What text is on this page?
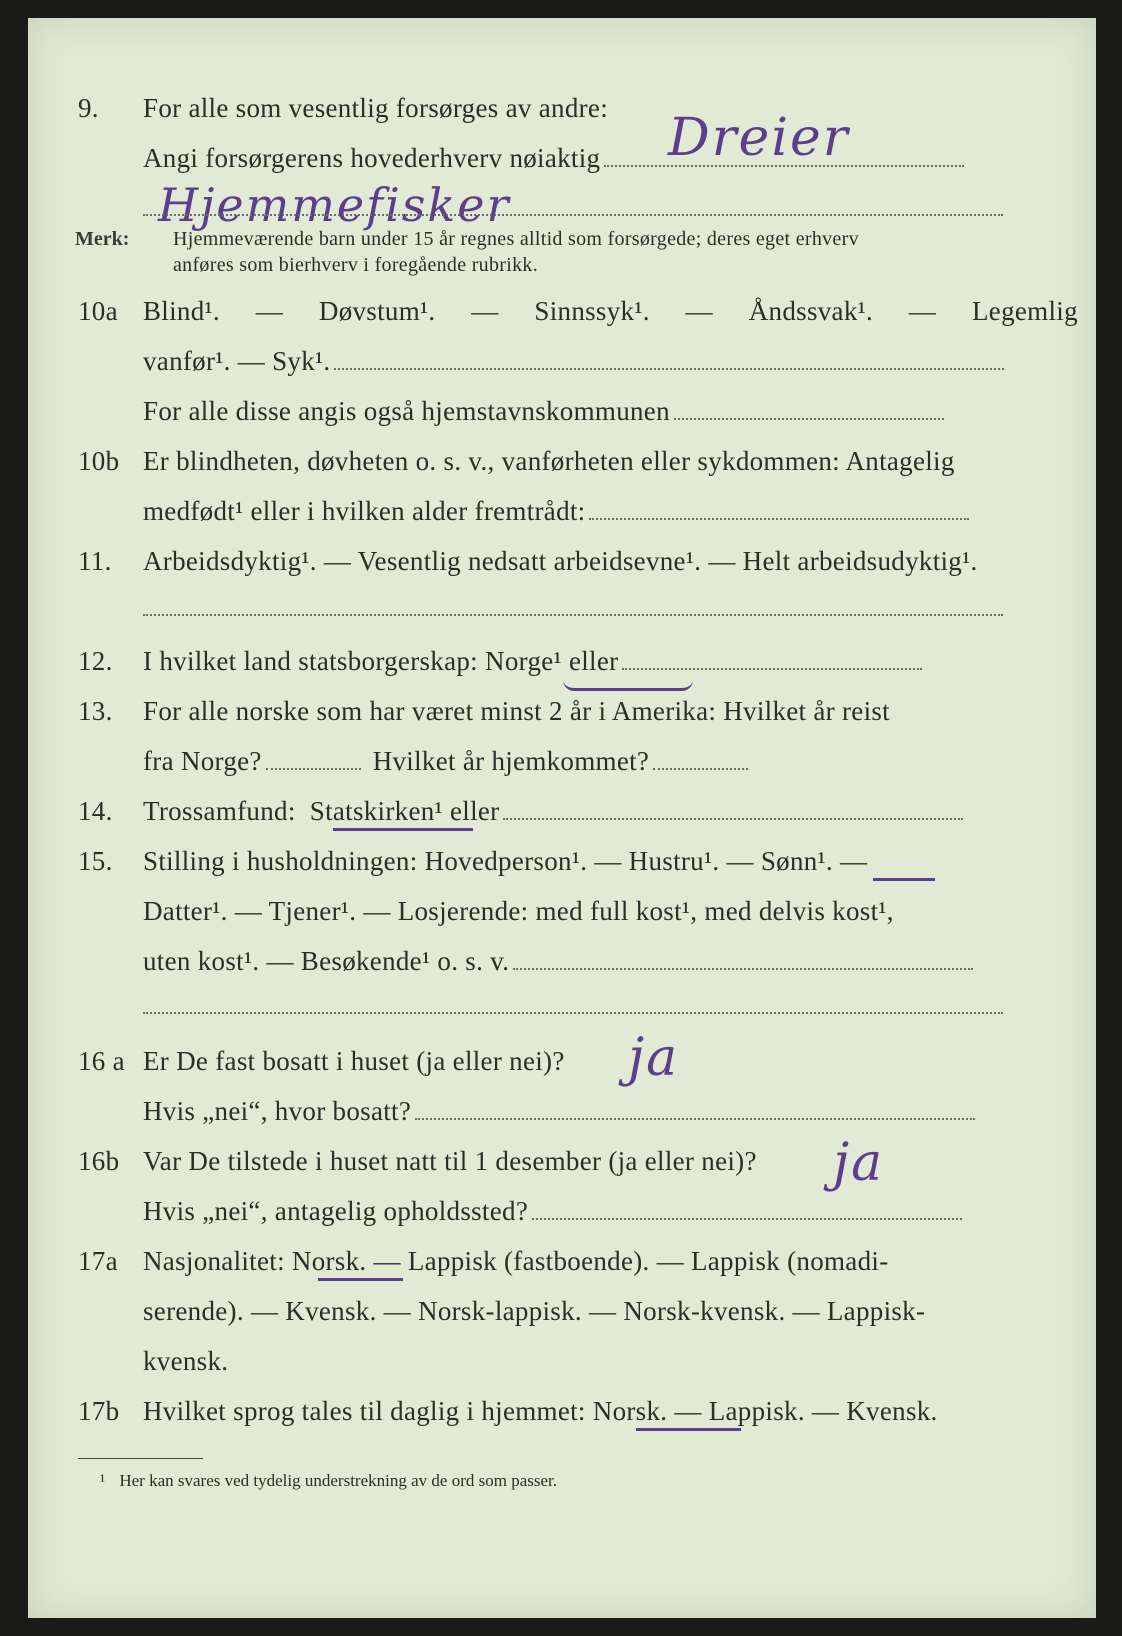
9. For alle som vesentlig forsørges av andre: Dreier
Angi forsørgerens hovederhverv nøiaktig
Hjemmefisker
Merk: Hjemmeværende barn under 15 år regnes alltid som forsørgede; deres eget erhverv
anføres som bierhverv i foregående rubrikk.
10a Blind¹. — Døvstum¹. — Sinnssyk¹. — Åndssvak¹. — Legemlig
vanfør¹. — Syk¹.
For alle disse angis også hjemstavnskommunen
10b Er blindheten, døvheten o. s. v., vanførheten eller sykdommen: Antagelig
medfødt¹ eller i hvilken alder fremtrådt:
11. Arbeidsdyktig¹. — Vesentlig nedsatt arbeidsevne¹. — Helt arbeidsudyktig¹.
12. I hvilket land statsborgerskap: Norge¹ eller
13. For alle norske som har været minst 2 år i Amerika: Hvilket år reist
fra Norge?	Hvilket år hjemkommet?
14. Trossamfund: Statskirken¹ eller
15. Stilling i husholdningen: Hovedperson¹. — Hustru¹. — Sønn¹. —
Datter¹. — Tjener¹. — Losjerende: med full kost¹, med delvis kost¹,
uten kost¹. — Besøkende¹ o. s. v.
16 a Er De fast bosatt i huset (ja eller nei)? ja
Hvis „nei“, hvor bosatt?
16b Var De tilstede i huset natt til 1 desember (ja eller nei)? ja
Hvis „nei“, antagelig opholdssted?
17a Nasjonalitet: Norsk. — Lappisk (fastboende). — Lappisk (nomadi-
serende). — Kvensk. — Norsk-lappisk. — Norsk-kvensk. — Lappisk-
kvensk.
17b Hvilket sprog tales til daglig i hjemmet: Norsk. — Lappisk. — Kvensk.
¹ Her kan svares ved tydelig understrekning av de ord som passer.
